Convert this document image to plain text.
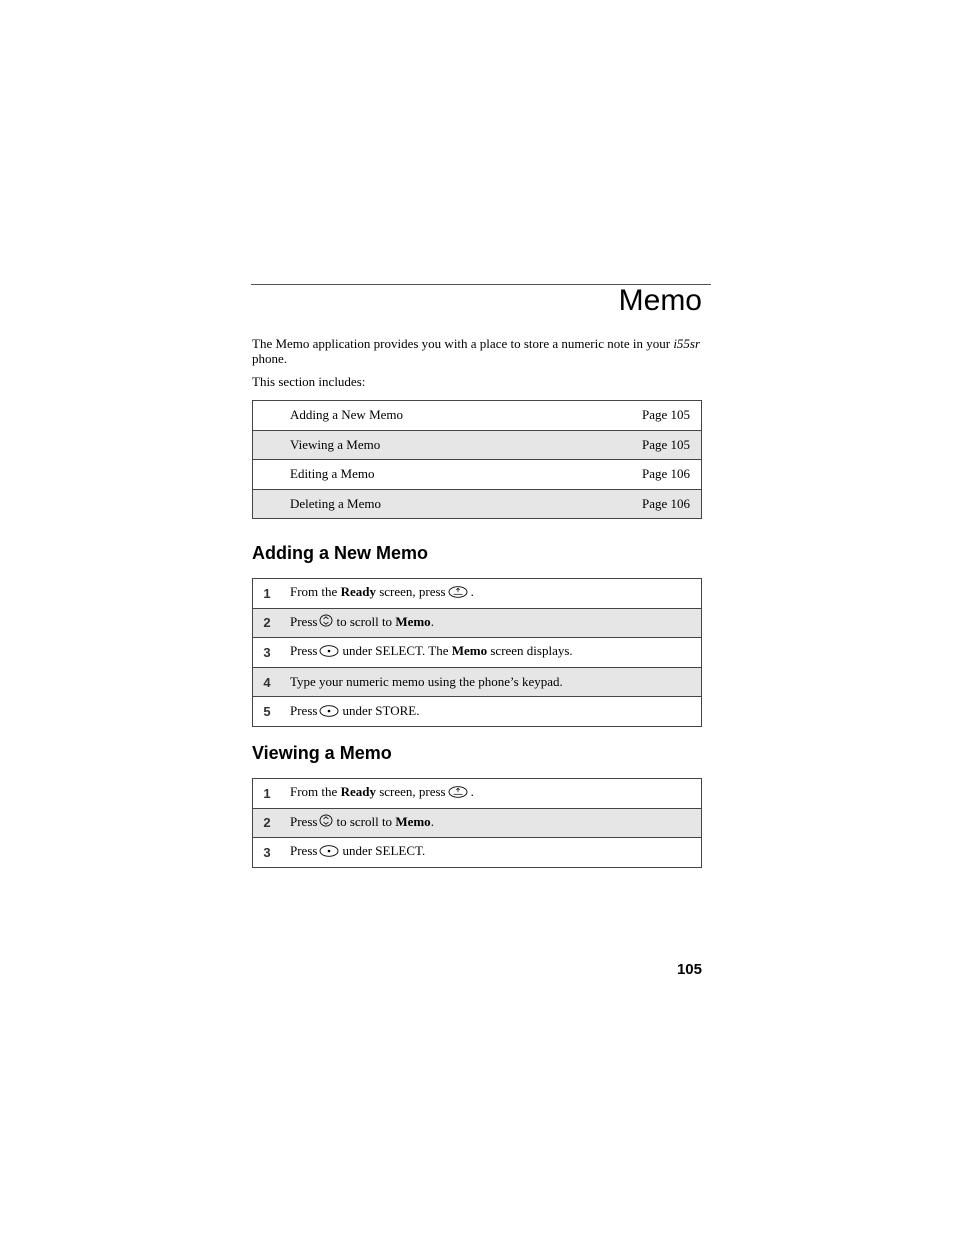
Memo

The Memo application provides you with a place to store a numeric note in your i55sr phone.

This section includes:

Adding a New Memo	Page 105
Viewing a Memo	Page 105
Editing a Memo	Page 106
Deleting a Memo	Page 106
Adding a New Memo
1	From the Ready screen, press .
2	Press to scroll to Memo.
3	Press under SELECT. The Memo screen displays.
4	Type your numeric memo using the phone’s keypad.
5	Press under STORE.
Viewing a Memo
1	From the Ready screen, press .
2	Press to scroll to Memo.
3	Press under SELECT.
105
